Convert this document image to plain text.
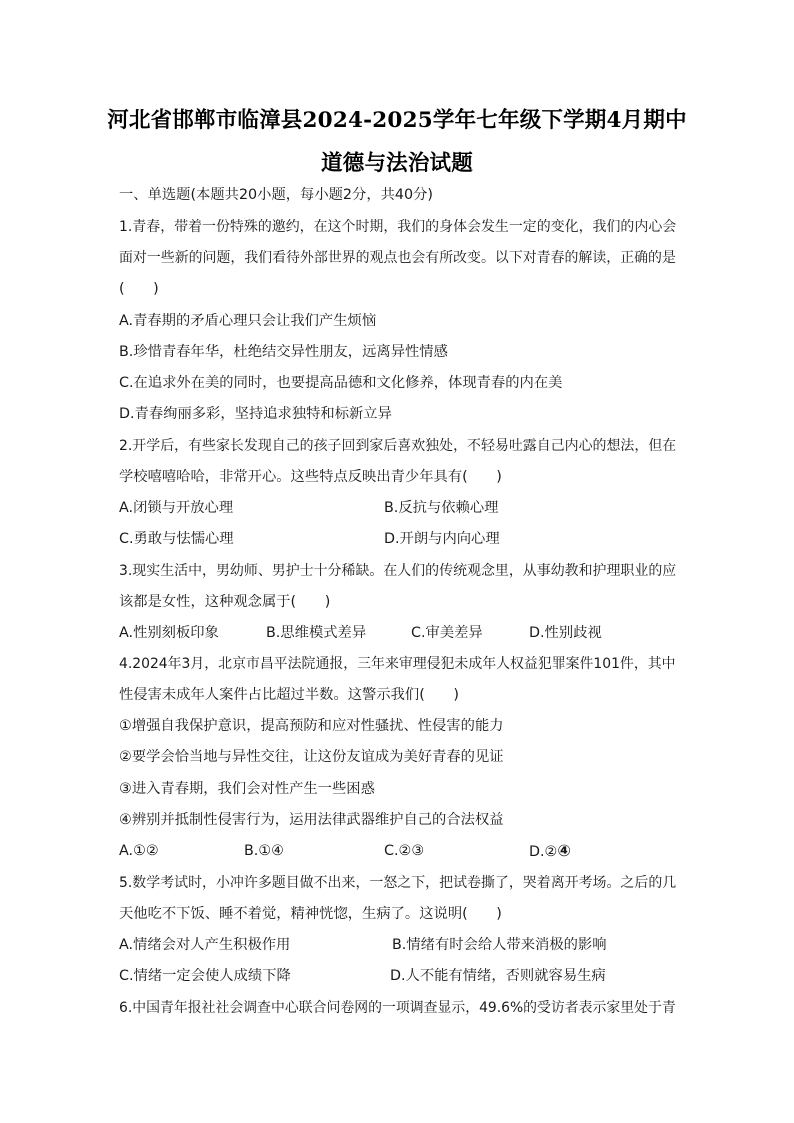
河北省邯郸市临漳县2024-2025学年七年级下学期4月期中
道德与法治试题
一、单选题(本题共20小题，每小题2分，共40分)
1.青春，带着一份特殊的邀约，在这个时期，我们的身体会发生一定的变化，我们的内心会
面对一些新的问题，我们看待外部世界的观点也会有所改变。以下对青春的解读，正确的是
(　　)
A.青春期的矛盾心理只会让我们产生烦恼
B.珍惜青春年华，杜绝结交异性朋友，远离异性情感
C.在追求外在美的同时，也要提高品德和文化修养，体现青春的内在美
D.青春绚丽多彩，坚持追求独特和标新立异
2.开学后，有些家长发现自己的孩子回到家后喜欢独处，不轻易吐露自己内心的想法，但在
学校嘻嘻哈哈，非常开心。这些特点反映出青少年具有(　　)
A.闭锁与开放心理	B.反抗与依赖心理
C.勇敢与怯懦心理	D.开朗与内向心理
3.现实生活中，男幼师、男护士十分稀缺。在人们的传统观念里，从事幼教和护理职业的应
该都是女性，这种观念属于(　　)
A.性别刻板印象	B.思维模式差异	C.审美差异	D.性别歧视
4.2024年3月，北京市昌平法院通报，三年来审理侵犯未成年人权益犯罪案件101件，其中
性侵害未成年人案件占比超过半数。这警示我们(　　)
①增强自我保护意识，提高预防和应对性骚扰、性侵害的能力
②要学会恰当地与异性交往，让这份友谊成为美好青春的见证
③进入青春期，我们会对性产生一些困惑
④辨别并抵制性侵害行为，运用法律武器维护自己的合法权益
A.①②	B.①④	C.②③	D.②④
5.数学考试时，小冲许多题目做不出来，一怒之下，把试卷撕了，哭着离开考场。之后的几
天他吃不下饭、睡不着觉，精神恍惚，生病了。这说明(　　)
A.情绪会对人产生积极作用	B.情绪有时会给人带来消极的影响
C.情绪一定会使人成绩下降	D.人不能有情绪，否则就容易生病
6.中国青年报社社会调查中心联合问卷网的一项调查显示，49.6%的受访者表示家里处于青
